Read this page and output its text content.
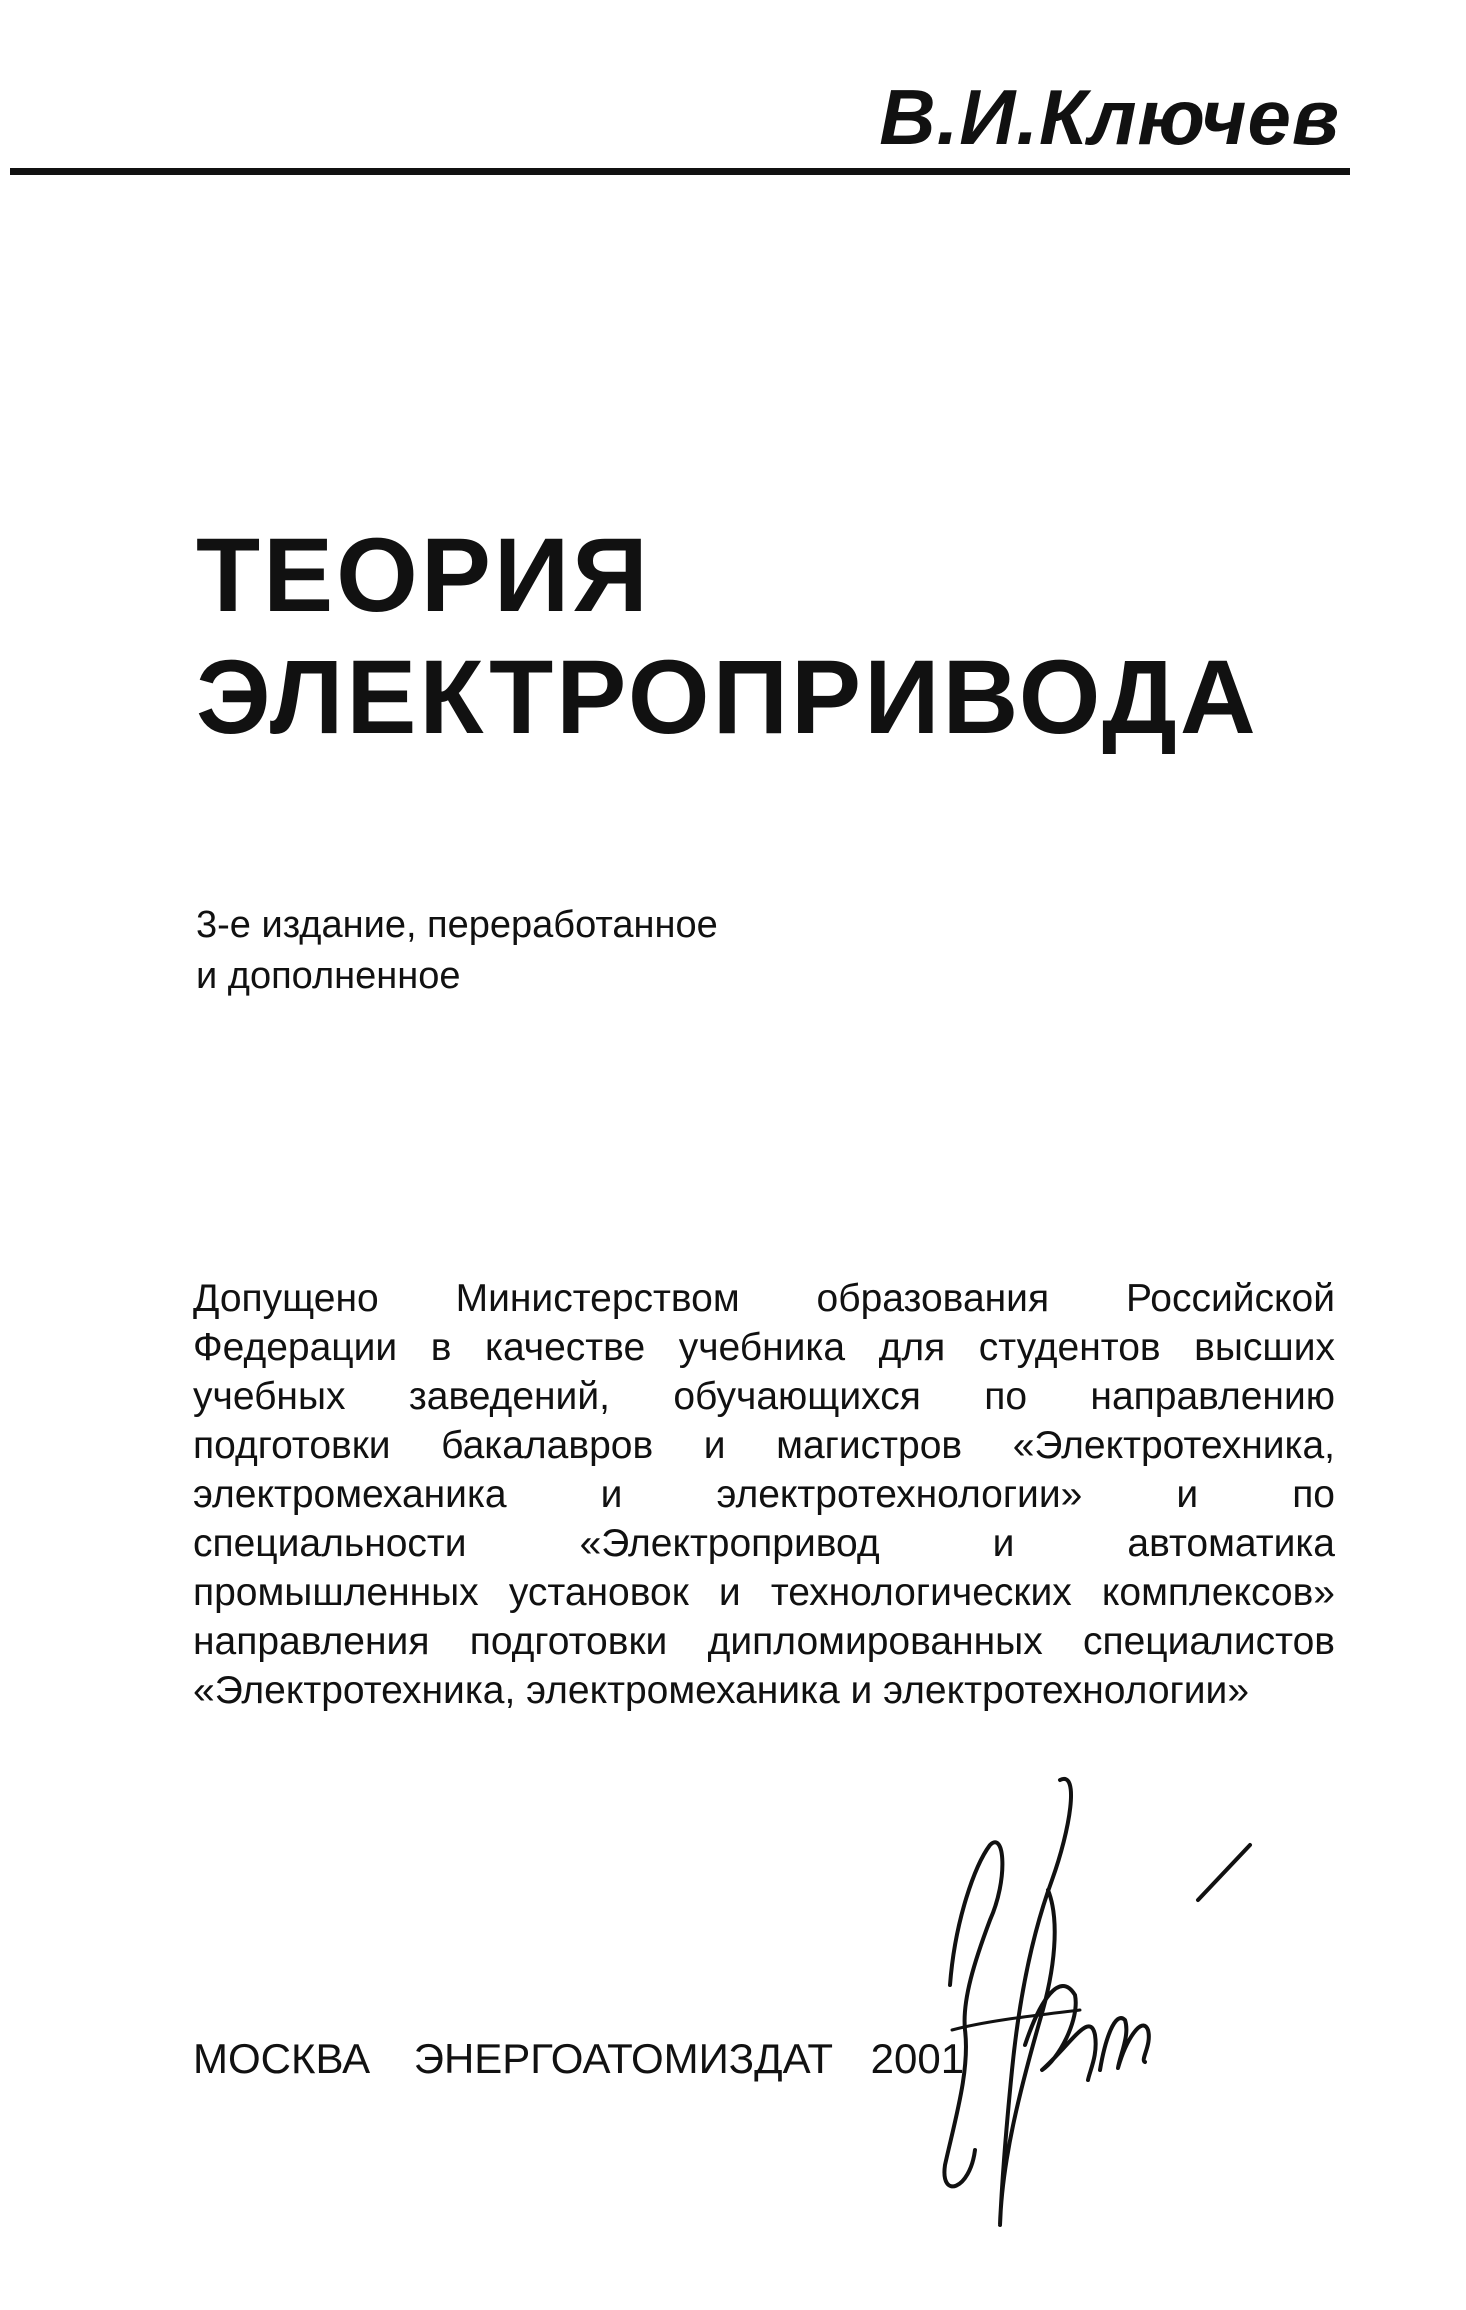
В.И.Ключев
ТЕОРИЯ
ЭЛЕКТРОПРИВОДА
3-е издание, переработанное
и дополненное
Допущено Министерством образования Российской
Федерации в качестве учебника для студентов высших
учебных заведений, обучающихся по направлению
подготовки бакалавров и магистров «Электротехника,
электромеханика и электротехнологии» и по
специальности «Электропривод и автоматика
промышленных установок и технологических комплексов»
направления подготовки дипломированных специалистов
«Электротехника, электромеханика и электротехнологии»
МОСКВА ЭНЕРГОАТОМИЗДАТ 2001
